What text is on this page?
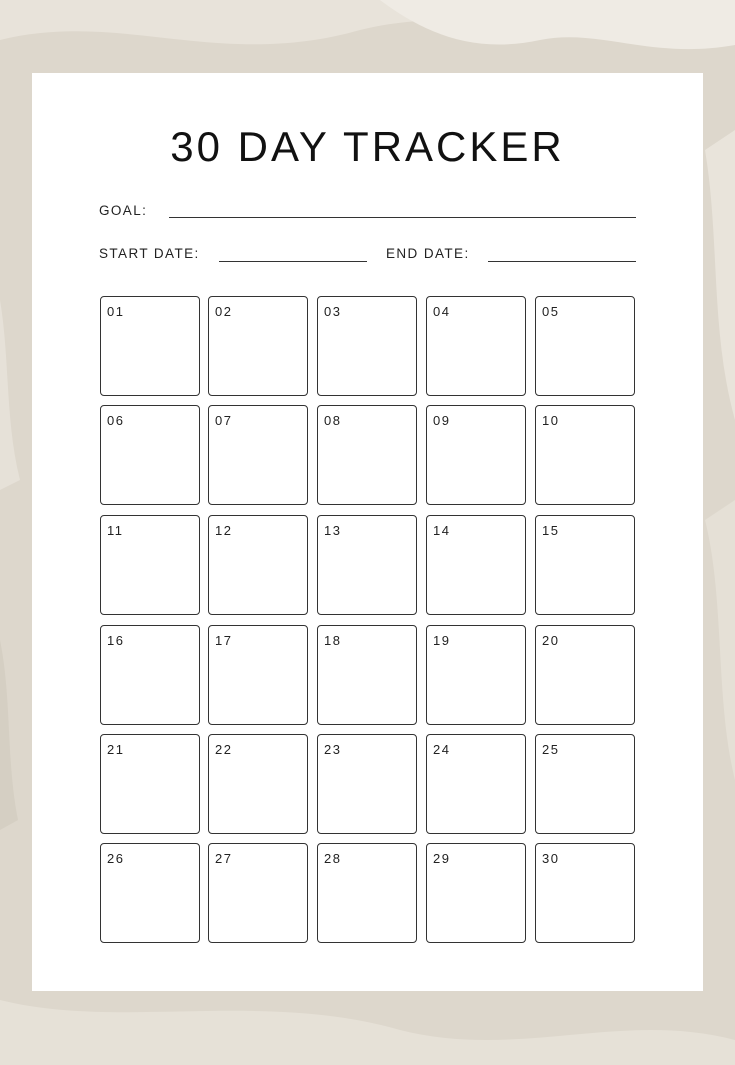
30 DAY TRACKER
GOAL:
START DATE:	END DATE:
01	02	03	04	05
06	07	08	09	10
11	12	13	14	15
16	17	18	19	20
21	22	23	24	25
26	27	28	29	30
